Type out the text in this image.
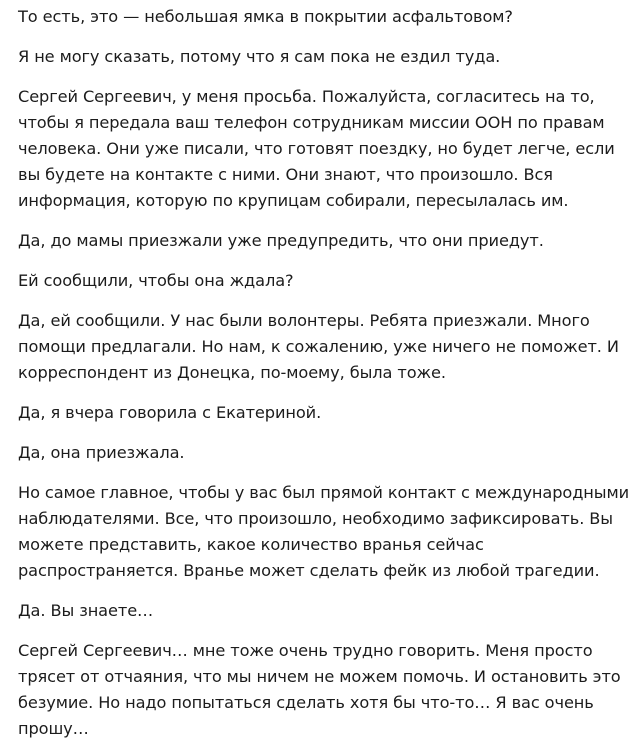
То есть, это — небольшая ямка в покрытии асфальтовом?

Я не могу сказать, потому что я сам пока не ездил туда.

Сергей Сергеевич, у меня просьба. Пожалуйста, согласитесь на то, чтобы я передала ваш телефон сотрудникам миссии ООН по правам человека. Они уже писали, что готовят поездку, но будет легче, если вы будете на контакте с ними. Они знают, что произошло. Вся информация, которую по крупицам собирали, пересылалась им.

Да, до мамы приезжали уже предупредить, что они приедут.

Ей сообщили, чтобы она ждала?

Да, ей сообщили. У нас были волонтеры. Ребята приезжали. Много помощи предлагали. Но нам, к сожалению, уже ничего не поможет. И корреспондент из Донецка, по-моему, была тоже.

Да, я вчера говорила с Екатериной.

Да, она приезжала.

Но самое главное, чтобы у вас был прямой контакт с международными наблюдателями. Все, что произошло, необходимо зафиксировать. Вы можете представить, какое количество вранья сейчас распространяется. Вранье может сделать фейк из любой трагедии.

Да. Вы знаете…

Сергей Сергеевич… мне тоже очень трудно говорить. Меня просто трясет от отчаяния, что мы ничем не можем помочь. И остановить это безумие. Но надо попытаться сделать хотя бы что-то… Я вас очень прошу…
